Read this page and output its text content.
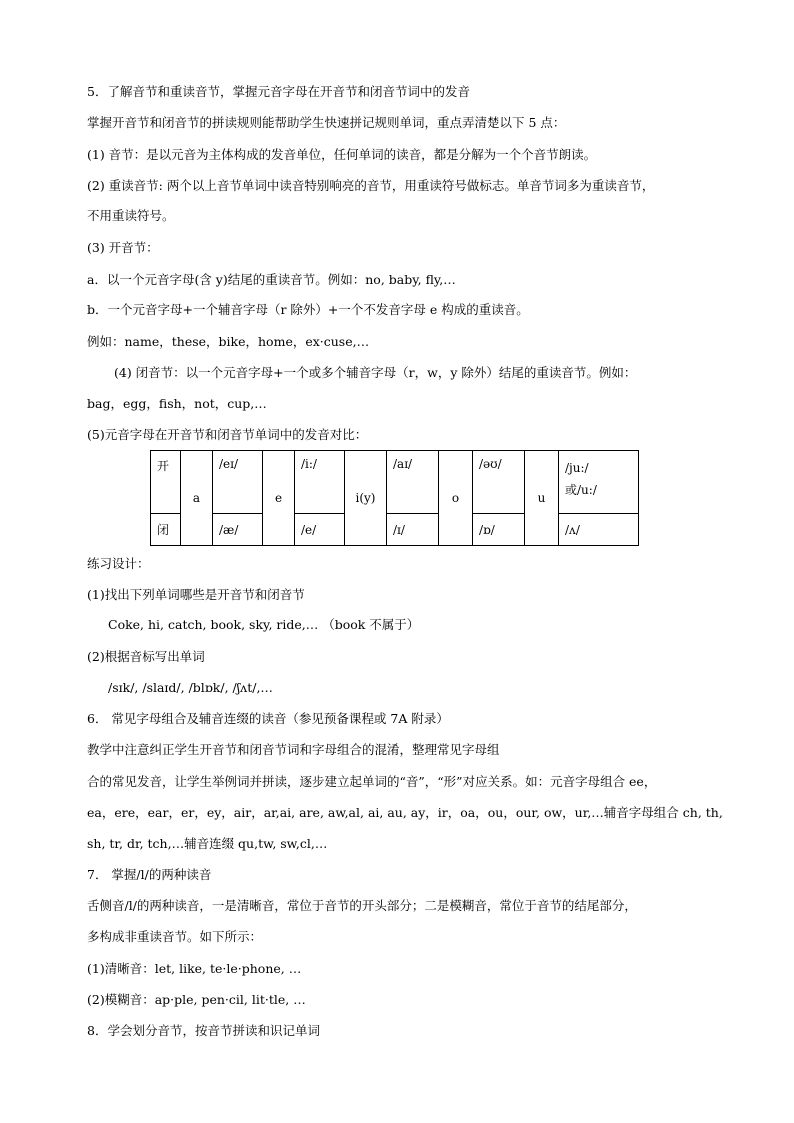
5．了解音节和重读音节，掌握元音字母在开音节和闭音节词中的发音

掌握开音节和闭音节的拼读规则能帮助学生快速拼记规则单词，重点弄清楚以下 5 点：

(1) 音节：是以元音为主体构成的发音单位，任何单词的读音，都是分解为一个个音节朗读。

(2) 重读音节: 两个以上音节单词中读音特别响亮的音节，用重读符号做标志。单音节词多为重读音节，

不用重读符号。

(3) 开音节：

a．以一个元音字母(含 y)结尾的重读音节。例如：no, baby, fly,…

b．一个元音字母+一个辅音字母（r 除外）+一个不发音字母 e 构成的重读音。

例如：name，these，bike，home，ex·cuse,…

(4) 闭音节：以一个元音字母+一个或多个辅音字母（r，w，y 除外）结尾的重读音节。例如：

bag，egg，fish，not，cup,…

(5)元音字母在开音节和闭音节单词中的发音对比：

开	a	/eɪ/	e	/i:/	i(y)	/aɪ/	o	/əʊ/	u	/ju:/
或/u:/

闭		/æ/		/e/		/ɪ/		/ɒ/		/ʌ/

练习设计：

(1)找出下列单词哪些是开音节和闭音节

Coke, hi, catch, book, sky, ride,… （book 不属于）

(2)根据音标写出单词

/sɪk/, /slaɪd/, /blɒk/, /ʃʌt/,…

6． 常见字母组合及辅音连缀的读音（参见预备课程或 7A 附录）

教学中注意纠正学生开音节和闭音节词和字母组合的混淆，整理常见字母组

合的常见发音，让学生举例词并拼读，逐步建立起单词的“音”，“形”对应关系。如：元音字母组合 ee，

ea，ere，ear，er，ey，air，ar,ai, are, aw,al, ai, au, ay，ir，oa，ou，our, ow，ur,…辅音字母组合 ch, th,

sh, tr, dr, tch,…辅音连缀 qu,tw, sw,cl,…

7． 掌握/l/的两种读音

舌侧音/l/的两种读音，一是清晰音，常位于音节的开头部分；二是模糊音，常位于音节的结尾部分，

多构成非重读音节。如下所示：

(1)清晰音：let, like, te·le·phone, …

(2)模糊音：ap·ple, pen·cil, lit·tle, …

8．学会划分音节，按音节拼读和识记单词
